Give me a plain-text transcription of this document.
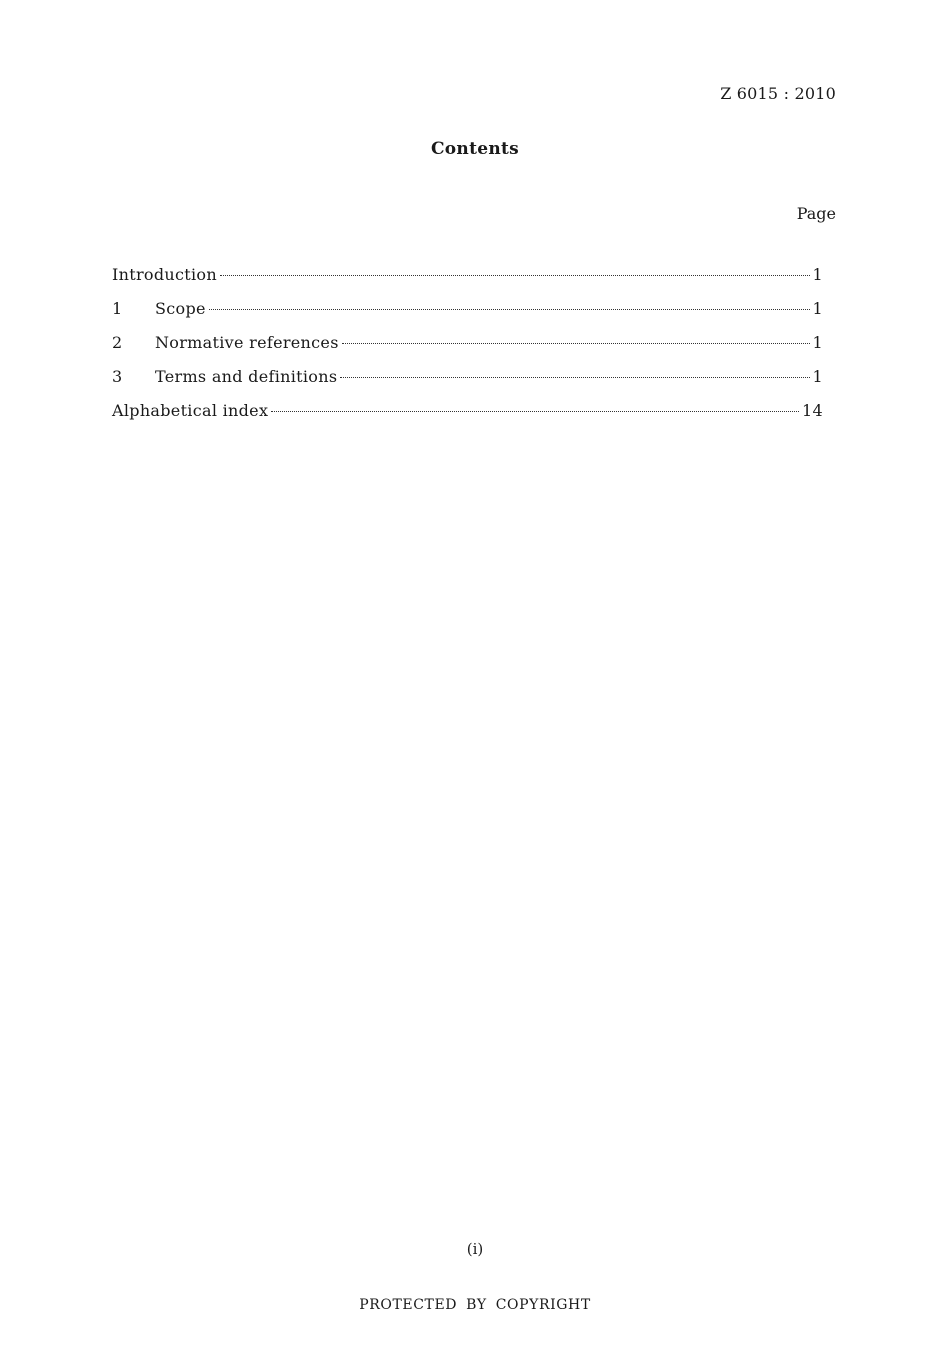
Z 6015 : 2010
Contents
Page
Introduction	1
1	Scope	1
2	Normative references	1
3	Terms and definitions	1
Alphabetical index	14
(i)
PROTECTED BY COPYRIGHT
